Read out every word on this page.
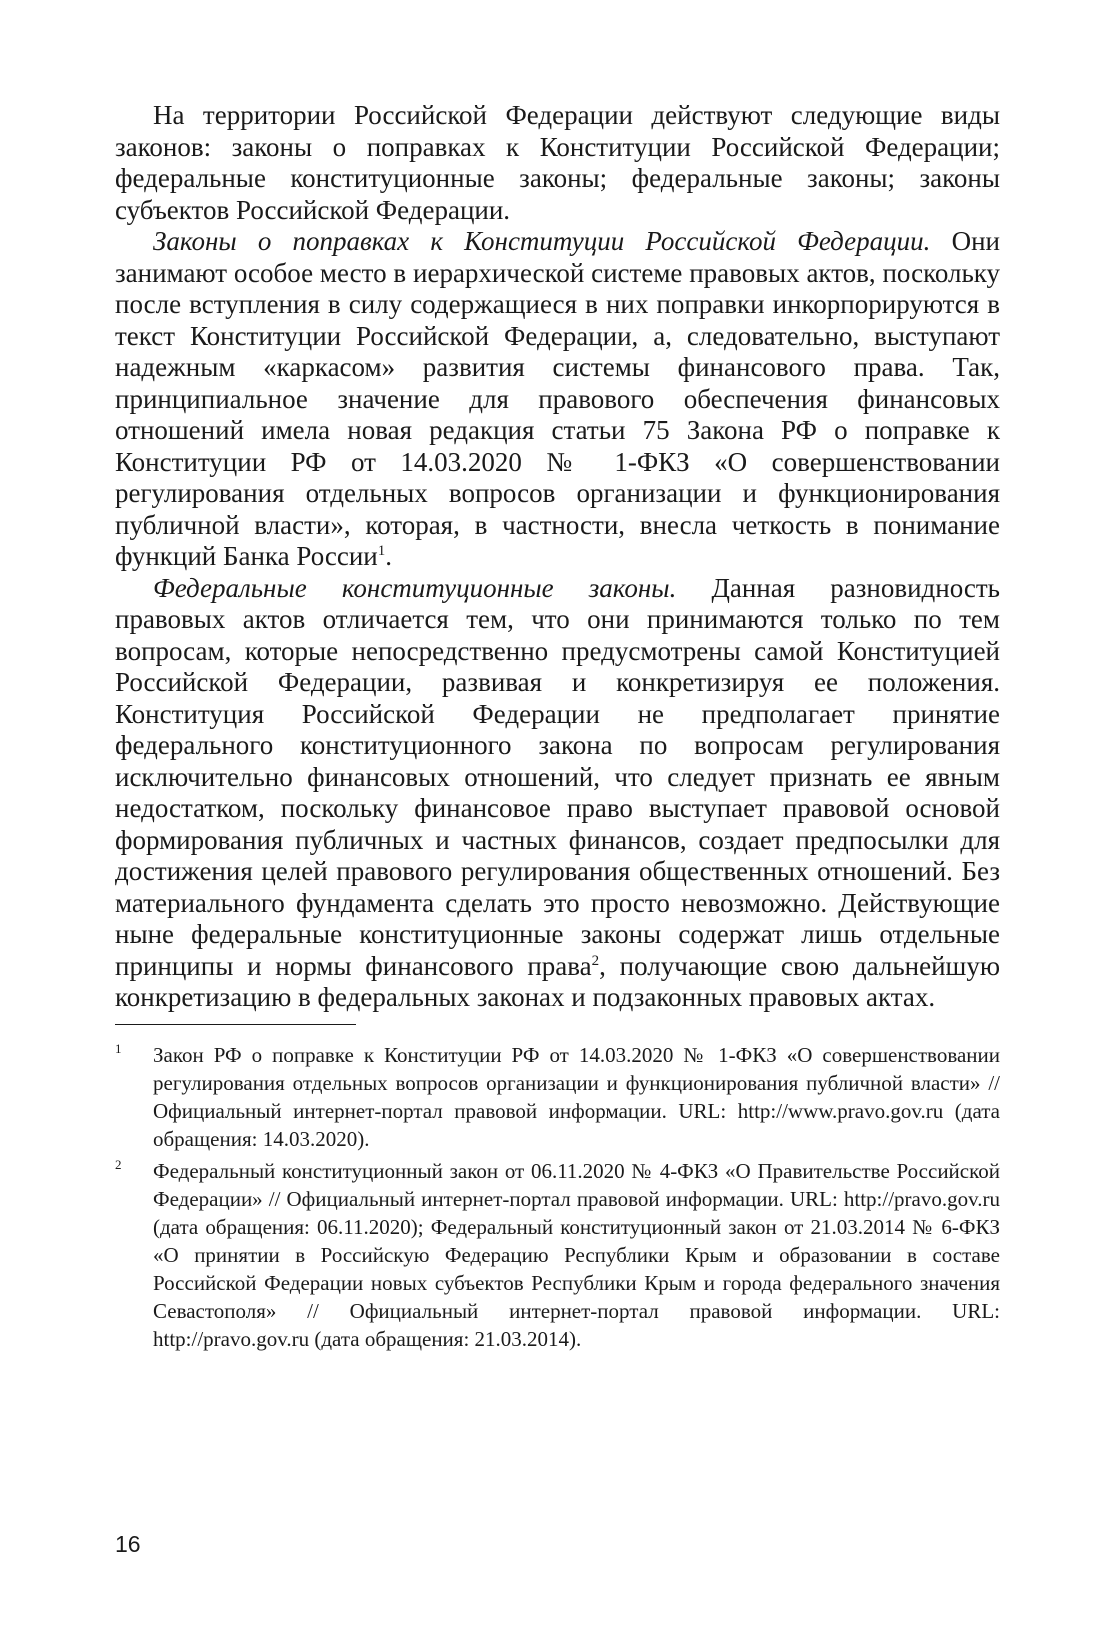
На территории Российской Федерации действуют следующие виды законов: законы о поправках к Конституции Российской Федерации; федеральные конституционные законы; федеральные законы; законы субъектов Российской Федерации.

Законы о поправках к Конституции Российской Федерации. Они занимают особое место в иерархической системе правовых актов, поскольку после вступления в силу содержащиеся в них поправки инкорпорируются в текст Конституции Российской Федерации, а, следовательно, выступают надежным «каркасом» развития системы финансового права. Так, принципиальное значение для правового обеспечения финансовых отношений имела новая редакция статьи 75 Закона РФ о поправке к Конституции РФ от 14.03.2020 № 1-ФКЗ «О совершенствовании регулирования отдельных вопросов организации и функционирования публичной власти», которая, в частности, внесла четкость в понимание функций Банка России$^1$.

Федеральные конституционные законы. Данная разновидность правовых актов отличается тем, что они принимаются только по тем вопросам, которые непосредственно предусмотрены самой Конституцией Российской Федерации, развивая и конкретизируя ее положения. Конституция Российской Федерации не предполагает принятие федерального конституционного закона по вопросам регулирования исключительно финансовых отношений, что следует признать ее явным недостатком, поскольку финансовое право выступает правовой основой формирования публичных и частных финансов, создает предпосылки для достижения целей правового регулирования общественных отношений. Без материального фундамента сделать это просто невозможно. Действующие ныне федеральные конституционные законы содержат лишь отдельные принципы и нормы финансового права$^2$, получающие свою дальнейшую конкретизацию в федеральных законах и подзаконных правовых актах.

1 Закон РФ о поправке к Конституции РФ от 14.03.2020 № 1-ФКЗ «О совершенствовании регулирования отдельных вопросов организации и функционирования публичной власти» // Официальный интернет-портал правовой информации. URL: http://www.pravo.gov.ru (дата обращения: 14.03.2020).

2 Федеральный конституционный закон от 06.11.2020 № 4-ФКЗ «О Правительстве Российской Федерации» // Официальный интернет-портал правовой информации. URL: http://pravo.gov.ru (дата обращения: 06.11.2020); Федеральный конституционный закон от 21.03.2014 № 6-ФКЗ «О принятии в Российскую Федерацию Республики Крым и образовании в составе Российской Федерации новых субъектов Республики Крым и города федерального значения Севастополя» // Официальный интернет-портал правовой информации. URL: http://pravo.gov.ru (дата обращения: 21.03.2014).

16
